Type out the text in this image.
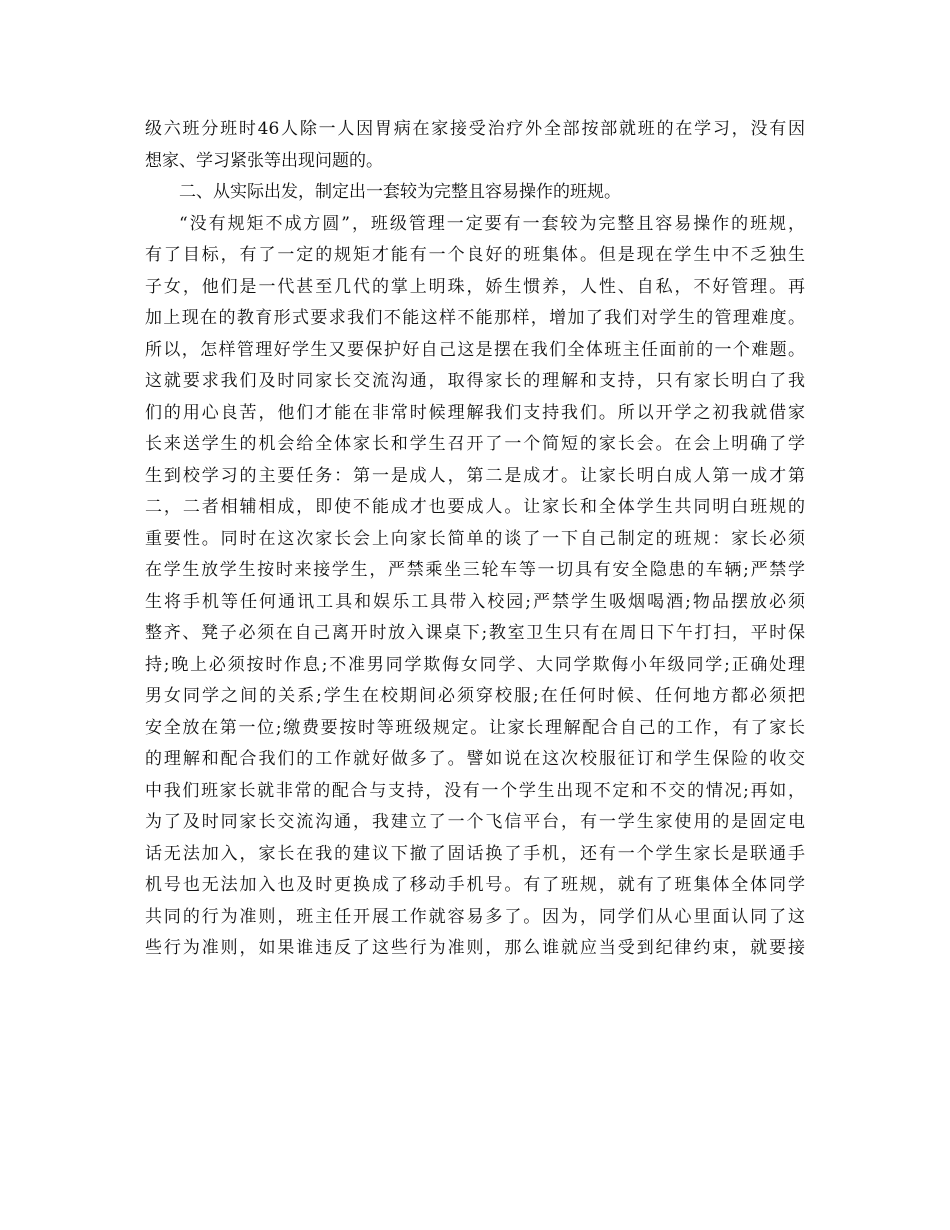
级六班分班时46人除一人因胃病在家接受治疗外全部按部就班的在学习，没有因
想家、学习紧张等出现问题的。
二、从实际出发，制定出一套较为完整且容易操作的班规。
“没有规矩不成方圆”，班级管理一定要有一套较为完整且容易操作的班规，
有了目标，有了一定的规矩才能有一个良好的班集体。但是现在学生中不乏独生
子女，他们是一代甚至几代的掌上明珠，娇生惯养，人性、自私，不好管理。再
加上现在的教育形式要求我们不能这样不能那样，增加了我们对学生的管理难度。
所以，怎样管理好学生又要保护好自己这是摆在我们全体班主任面前的一个难题。
这就要求我们及时同家长交流沟通，取得家长的理解和支持，只有家长明白了我
们的用心良苦，他们才能在非常时候理解我们支持我们。所以开学之初我就借家
长来送学生的机会给全体家长和学生召开了一个简短的家长会。在会上明确了学
生到校学习的主要任务：第一是成人，第二是成才。让家长明白成人第一成才第
二，二者相辅相成，即使不能成才也要成人。让家长和全体学生共同明白班规的
重要性。同时在这次家长会上向家长简单的谈了一下自己制定的班规：家长必须
在学生放学生按时来接学生，严禁乘坐三轮车等一切具有安全隐患的车辆;严禁学
生将手机等任何通讯工具和娱乐工具带入校园;严禁学生吸烟喝酒;物品摆放必须
整齐、凳子必须在自己离开时放入课桌下;教室卫生只有在周日下午打扫，平时保
持;晚上必须按时作息;不准男同学欺侮女同学、大同学欺侮小年级同学;正确处理
男女同学之间的关系;学生在校期间必须穿校服;在任何时候、任何地方都必须把
安全放在第一位;缴费要按时等班级规定。让家长理解配合自己的工作，有了家长
的理解和配合我们的工作就好做多了。譬如说在这次校服征订和学生保险的收交
中我们班家长就非常的配合与支持，没有一个学生出现不定和不交的情况;再如，
为了及时同家长交流沟通，我建立了一个飞信平台，有一学生家使用的是固定电
话无法加入，家长在我的建议下撤了固话换了手机，还有一个学生家长是联通手
机号也无法加入也及时更换成了移动手机号。有了班规，就有了班集体全体同学
共同的行为准则，班主任开展工作就容易多了。因为，同学们从心里面认同了这
些行为准则，如果谁违反了这些行为准则，那么谁就应当受到纪律约束，就要接
